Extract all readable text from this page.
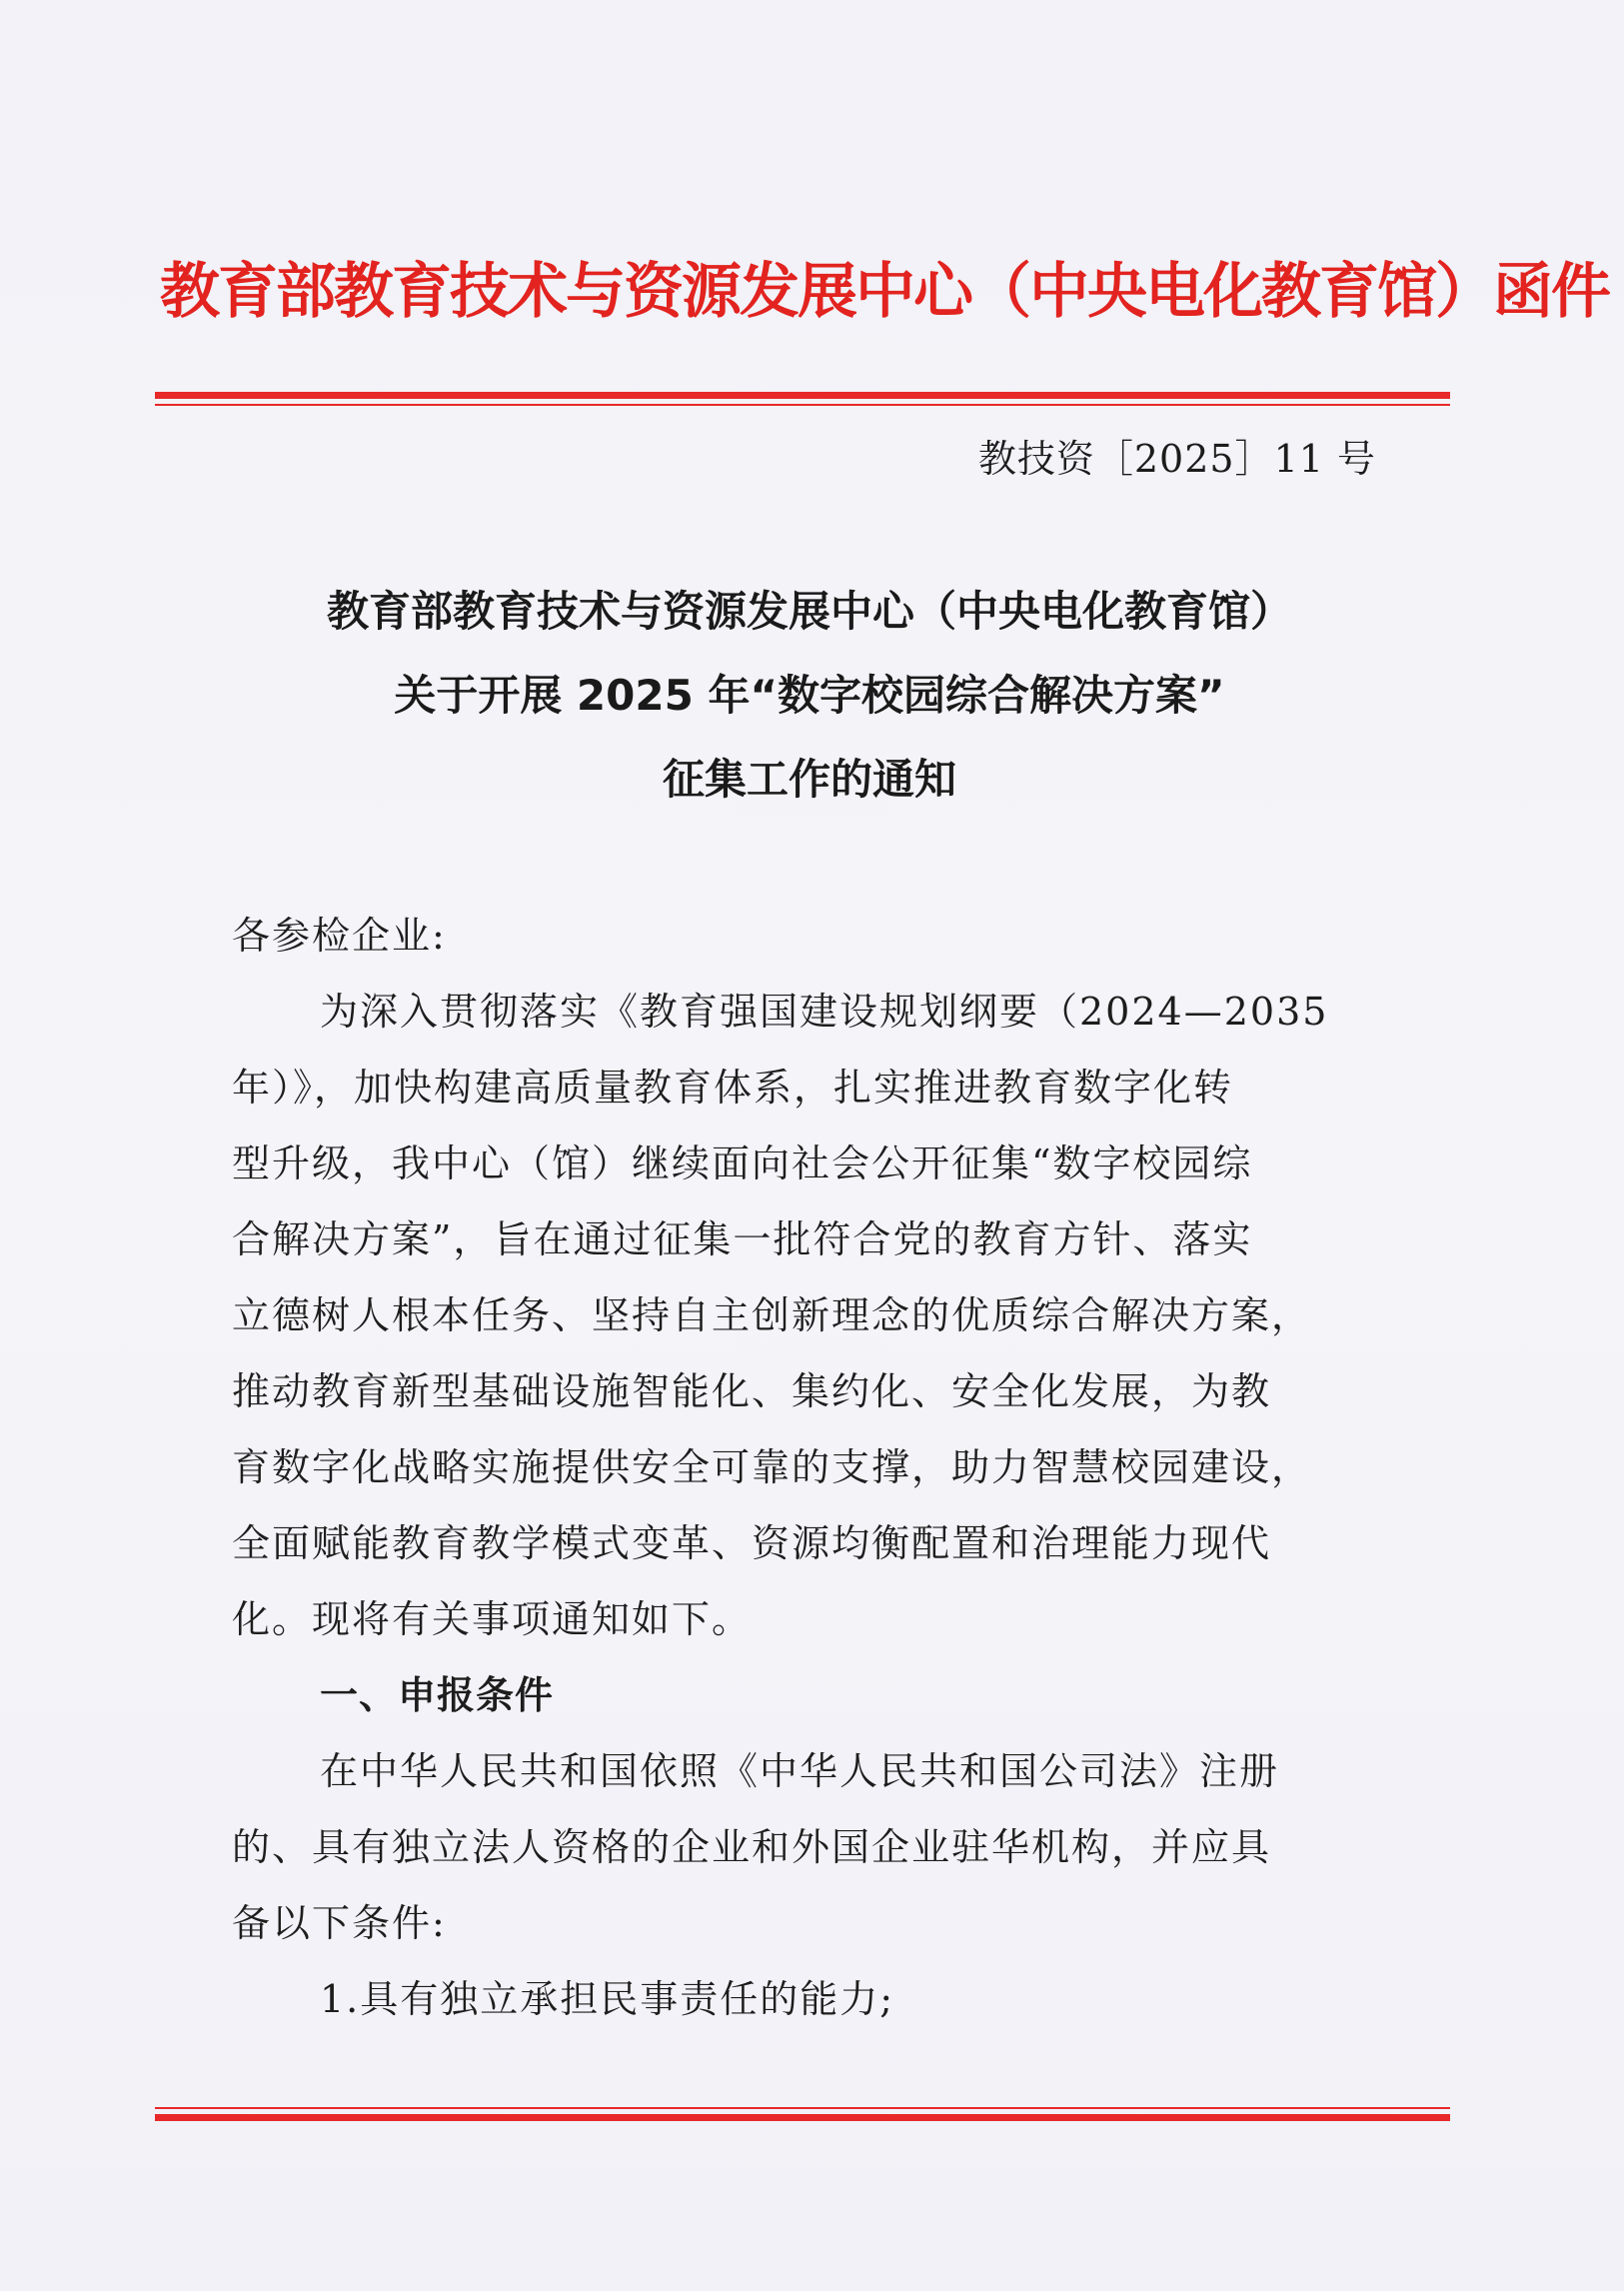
教育部教育技术与资源发展中心（中央电化教育馆）函件
教技资［2025］11 号
教育部教育技术与资源发展中心（中央电化教育馆）
关于开展 2025 年“数字校园综合解决方案”
征集工作的通知
各参检企业:
为深入贯彻落实《教育强国建设规划纲要（2024—2035
年）》，加快构建高质量教育体系，扎实推进教育数字化转
型升级，我中心（馆）继续面向社会公开征集“数字校园综
合解决方案”，旨在通过征集一批符合党的教育方针、落实
立德树人根本任务、坚持自主创新理念的优质综合解决方案，
推动教育新型基础设施智能化、集约化、安全化发展，为教
育数字化战略实施提供安全可靠的支撑，助力智慧校园建设，
全面赋能教育教学模式变革、资源均衡配置和治理能力现代
化。现将有关事项通知如下。
一、申报条件
在中华人民共和国依照《中华人民共和国公司法》注册
的、具有独立法人资格的企业和外国企业驻华机构，并应具
备以下条件:
1.具有独立承担民事责任的能力;
